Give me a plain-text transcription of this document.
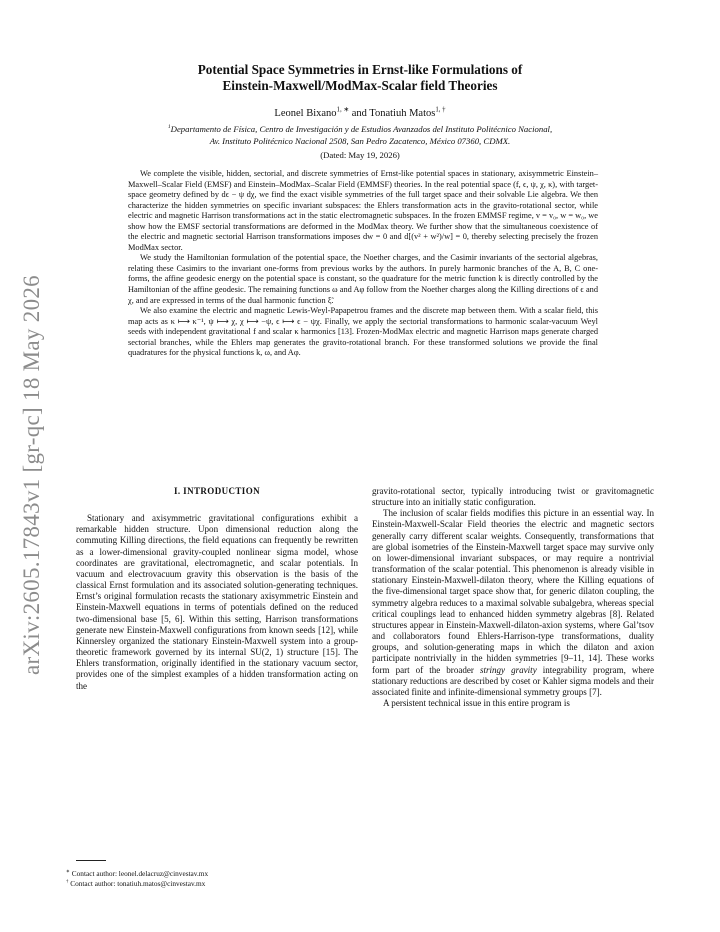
arXiv:2605.17843v1 [gr-qc] 18 May 2026
Potential Space Symmetries in Ernst-like Formulations of
Einstein-Maxwell/ModMax-Scalar field Theories
Leonel Bixano$^{1, ∗}$ and Tonatiuh Matos$^{1, \dagger}$
$^1$Departamento de Física, Centro de Investigación y de Estudios Avanzados del Instituto Politécnico Nacional,
Av. Instituto Politécnico Nacional 2508, San Pedro Zacatenco, México 07360, CDMX.
(Dated: May 19, 2026)

We complete the visible, hidden, sectorial, and discrete symmetries of Ernst-like potential spaces in stationary, axisymmetric Einstein–Maxwell–Scalar Field (EMSF) and Einstein–ModMax–Scalar Field (EMMSF) theories. In the real potential space (f, ϵ, ψ, χ, κ), with target-space geometry defined by dϵ − ψ dχ, we find the exact visible symmetries of the full target space and their solvable Lie algebra. We then characterize the hidden symmetries on specific invariant subspaces: the Ehlers transformation acts in the gravito-rotational sector, while electric and magnetic Harrison transformations act in the static electromagnetic subspaces. In the frozen EMMSF regime, v = v₀, w = w₀, we show how the EMSF sectorial transformations are deformed in the ModMax theory. We further show that the simultaneous coexistence of the electric and magnetic sectorial Harrison transformations imposes dw = 0 and d[(v² + w²)/w] = 0, thereby selecting precisely the frozen ModMax sector.

We study the Hamiltonian formulation of the potential space, the Noether charges, and the Casimir invariants of the sectorial algebras, relating these Casimirs to the invariant one-forms from previous works by the authors. In purely harmonic branches of the A, B, C one-forms, the affine geodesic energy on the potential space is constant, so the quadrature for the metric function k is directly controlled by the Hamiltonian of the affine geodesic. The remaining functions ω and Aφ follow from the Noether charges along the Killing directions of ϵ and χ, and are expressed in terms of the dual harmonic function ξ̃.

We also examine the electric and magnetic Lewis-Weyl-Papapetrou frames and the discrete map between them. With a scalar field, this map acts as κ ⟼ κ⁻¹, ψ ⟼ χ, χ ⟼ −ψ, ϵ ⟼ ϵ − ψχ. Finally, we apply the sectorial transformations to harmonic scalar-vacuum Weyl seeds with independent gravitational f and scalar κ harmonics [13]. Frozen-ModMax electric and magnetic Harrison maps generate charged sectorial branches, while the Ehlers map generates the gravito-rotational branch. For these transformed solutions we provide the final quadratures for the physical functions k, ω, and Aφ.

I. INTRODUCTION

Stationary and axisymmetric gravitational configurations exhibit a remarkable hidden structure. Upon dimensional reduction along the commuting Killing directions, the field equations can frequently be rewritten as a lower-dimensional gravity-coupled nonlinear sigma model, whose coordinates are gravitational, electromagnetic, and scalar potentials. In vacuum and electrovacuum gravity this observation is the basis of the classical Ernst formulation and its associated solution-generating techniques. Ernst’s original formulation recasts the stationary axisymmetric Einstein and Einstein-Maxwell equations in terms of potentials defined on the reduced two-dimensional base [5, 6]. Within this setting, Harrison transformations generate new Einstein-Maxwell configurations from known seeds [12], while Kinnersley organized the stationary Einstein-Maxwell system into a group-theoretic framework governed by its internal SU(2, 1) structure [15]. The Ehlers transformation, originally identified in the stationary vacuum sector, provides one of the simplest examples of a hidden transformation acting on the

gravito-rotational sector, typically introducing twist or gravitomagnetic structure into an initially static configuration.

The inclusion of scalar fields modifies this picture in an essential way. In Einstein-Maxwell-Scalar Field theories the electric and magnetic sectors generally carry different scalar weights. Consequently, transformations that are global isometries of the Einstein-Maxwell target space may survive only on lower-dimensional invariant subspaces, or may require a nontrivial transformation of the scalar potential. This phenomenon is already visible in stationary Einstein-Maxwell-dilaton theory, where the Killing equations of the five-dimensional target space show that, for generic dilaton coupling, the symmetry algebra reduces to a maximal solvable subalgebra, whereas special critical couplings lead to enhanced hidden symmetry algebras [8]. Related structures appear in Einstein-Maxwell-dilaton-axion systems, where Gal’tsov and collaborators found Ehlers-Harrison-type transformations, duality groups, and solution-generating maps in which the dilaton and axion participate nontrivially in the hidden symmetries [9–11, 14]. These works form part of the broader stringy gravity integrability program, where stationary reductions are described by coset or Kahler sigma models and their associated finite and infinite-dimensional symmetry groups [7].

A persistent technical issue in this entire program is

∗ Contact author: leonel.delacruz@cinvestav.mx
† Contact author: tonatiuh.matos@cinvestav.mx
